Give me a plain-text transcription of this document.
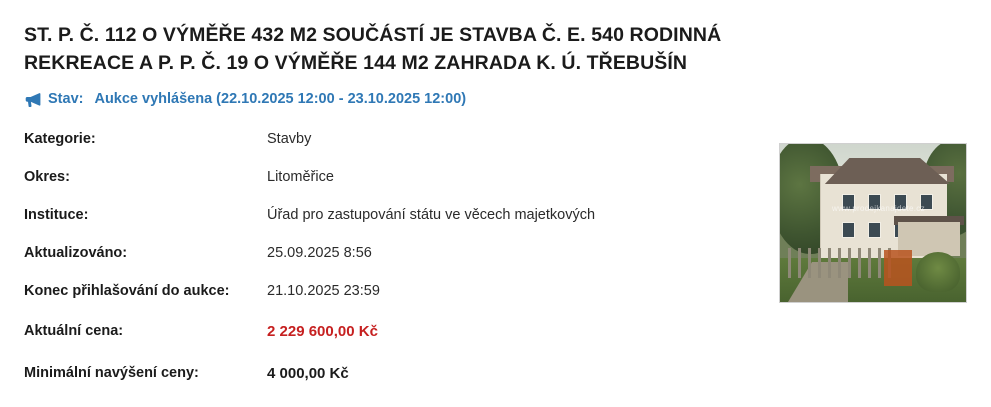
ST. P. Č. 112 O VÝMĚŘE 432 M2 SOUČÁSTÍ JE STAVBA Č. E. 540 RODINNÁ REKREACE A P. P. Č. 19 O VÝMĚŘE 144 M2 ZAHRADA K. Ú. TŘEBUŠÍN
Stav: Aukce vyhlášena (22.10.2025 12:00 - 23.10.2025 12:00)
Kategorie:	Stavby
Okres:	Litoměřice
Instituce:	Úřad pro zastupování státu ve věcech majetkových
Aktualizováno:	25.09.2025 8:56
Konec přihlašování do aukce:	21.10.2025 23:59
Aktuální cena:	2 229 600,00 Kč
Minimální navýšení ceny:	4 000,00 Kč
www.prodejkanajdete.cz
